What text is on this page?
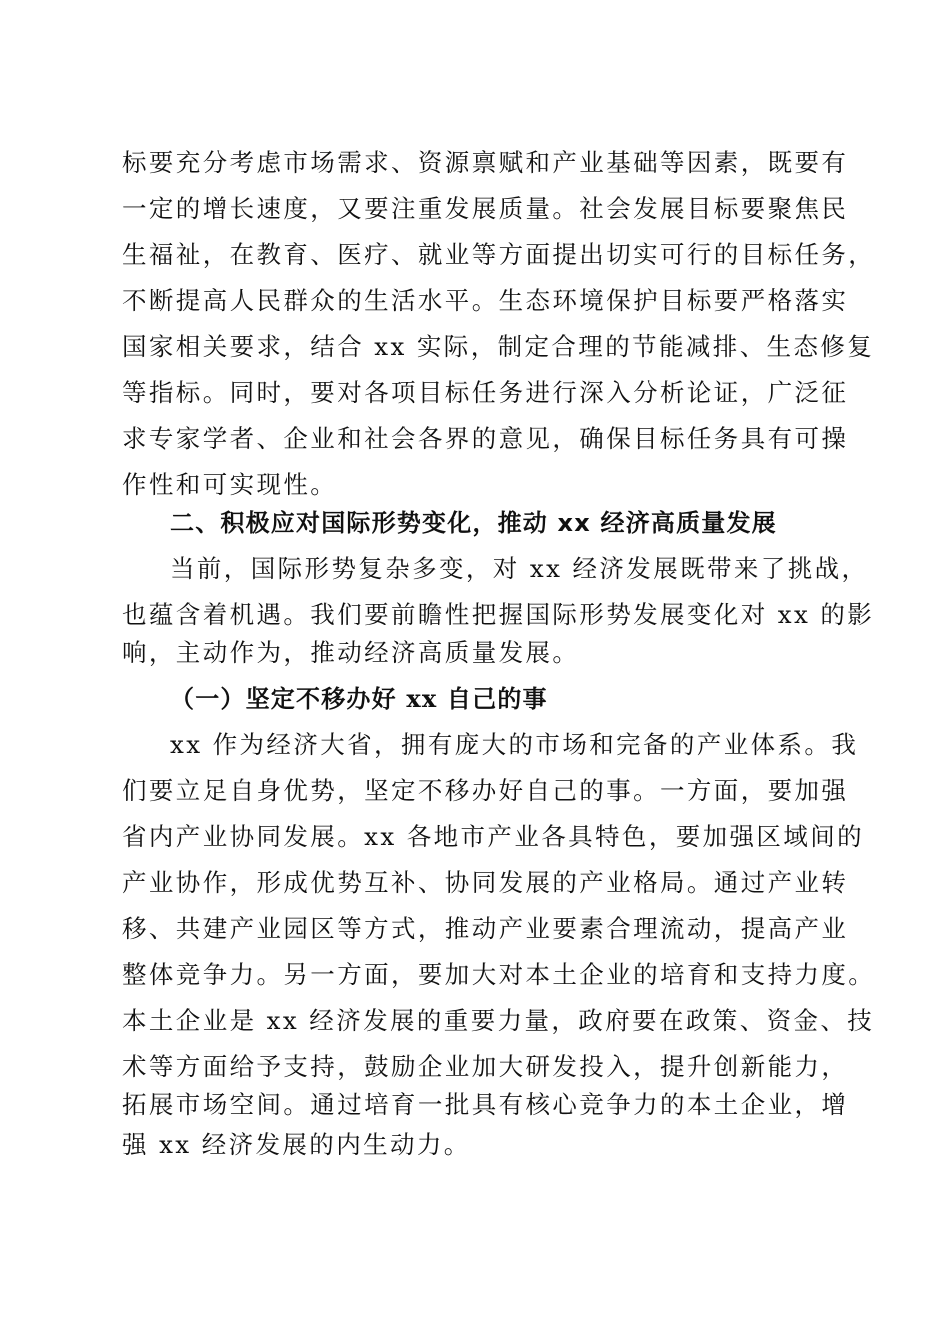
标要充分考虑市场需求、资源禀赋和产业基础等因素，既要有
一定的增长速度，又要注重发展质量。社会发展目标要聚焦民
生福祉，在教育、医疗、就业等方面提出切实可行的目标任务，
不断提高人民群众的生活水平。生态环境保护目标要严格落实
国家相关要求，结合 xx 实际，制定合理的节能减排、生态修复
等指标。同时，要对各项目标任务进行深入分析论证，广泛征
求专家学者、企业和社会各界的意见，确保目标任务具有可操
作性和可实现性。
二、积极应对国际形势变化，推动 xx 经济高质量发展
当前，国际形势复杂多变，对 xx 经济发展既带来了挑战，
也蕴含着机遇。我们要前瞻性把握国际形势发展变化对 xx 的影
响，主动作为，推动经济高质量发展。
（一）坚定不移办好 xx 自己的事
xx 作为经济大省，拥有庞大的市场和完备的产业体系。我
们要立足自身优势，坚定不移办好自己的事。一方面，要加强
省内产业协同发展。xx 各地市产业各具特色，要加强区域间的
产业协作，形成优势互补、协同发展的产业格局。通过产业转
移、共建产业园区等方式，推动产业要素合理流动，提高产业
整体竞争力。另一方面，要加大对本土企业的培育和支持力度。
本土企业是 xx 经济发展的重要力量，政府要在政策、资金、技
术等方面给予支持，鼓励企业加大研发投入，提升创新能力，
拓展市场空间。通过培育一批具有核心竞争力的本土企业，增
强 xx 经济发展的内生动力。
